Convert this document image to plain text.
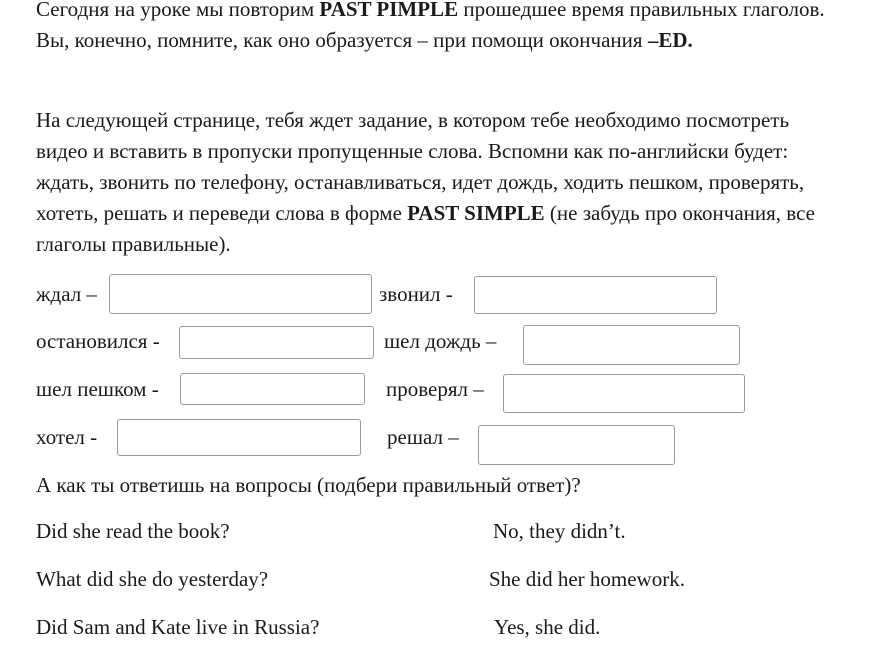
Сегодня на уроке мы повторим PAST PIMPLE прошедшее время правильных глаголов. Вы, конечно, помните, как оно образуется – при помощи окончания –ED.

На следующей странице, тебя ждет задание, в котором тебе необходимо посмотреть видео и вставить в пропуски пропущенные слова. Вспомни как по-английски будет: ждать, звонить по телефону, останавливаться, идет дождь, ходить пешком, проверять, хотеть, решать и переведи слова в форме PAST SIMPLE (не забудь про окончания, все глаголы правильные).

ждал –	звонил -
остановился -	шел дождь –
шел пешком -	проверял –
хотел -	решал –
А как ты ответишь на вопросы (подбери правильный ответ)?
Did she read the book?	No, they didn’t.
What did she do yesterday?	She did her homework.
Did Sam and Kate live in Russia?	Yes, she did.
